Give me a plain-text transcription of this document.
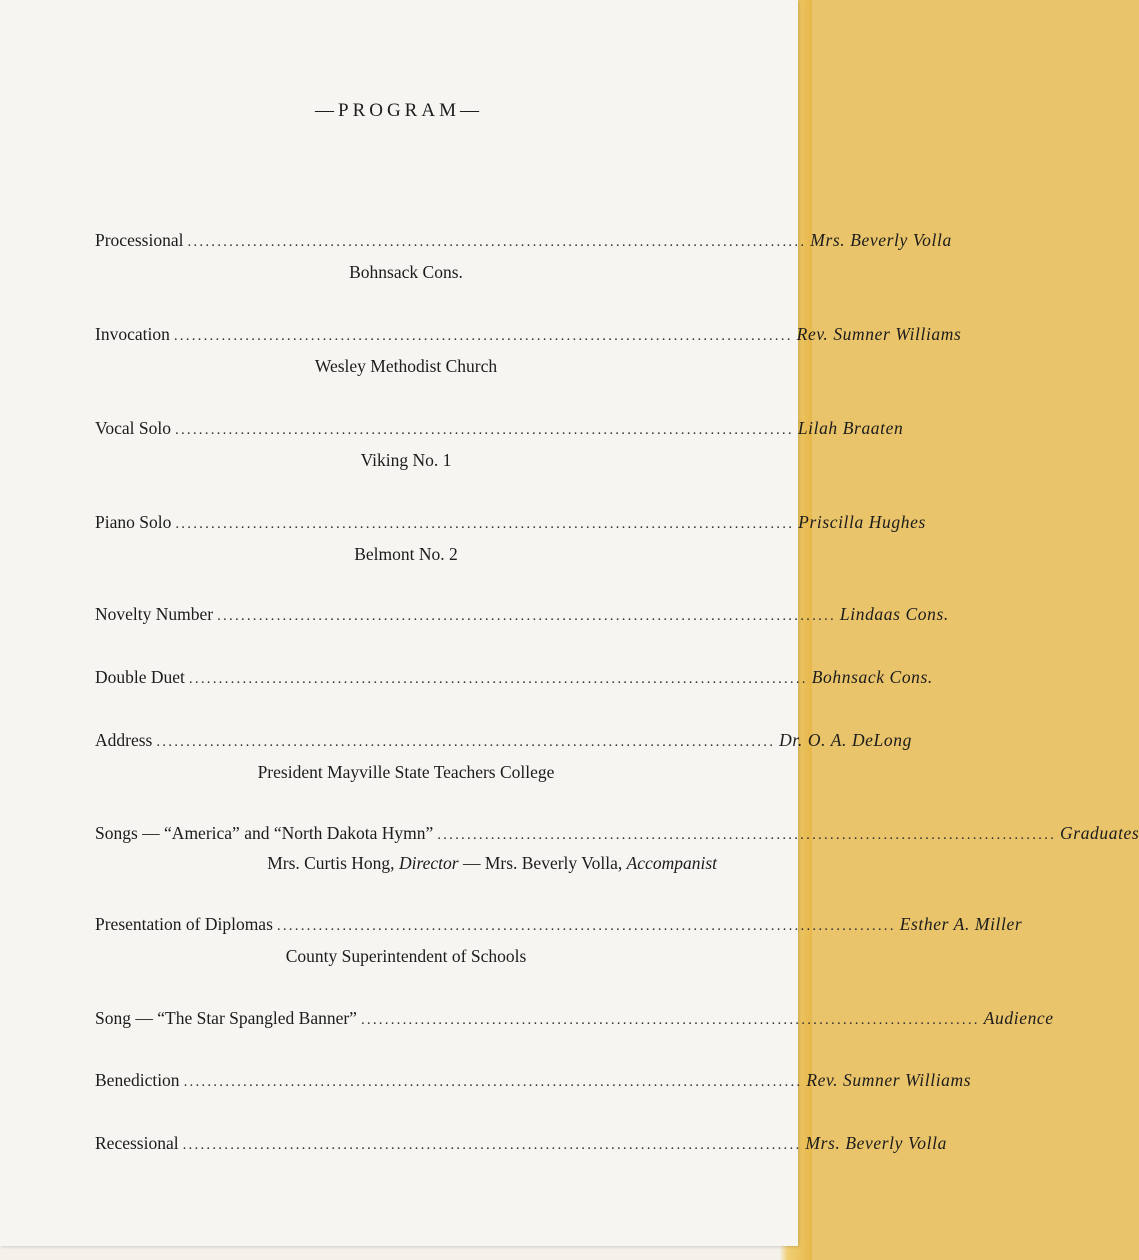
—PROGRAM—
Processional ........................................................................................................ Mrs. Beverly Volla
Bohnsack Cons.
Invocation ........................................................................................................ Rev. Sumner Williams
Wesley Methodist Church
Vocal Solo ........................................................................................................ Lilah Braaten
Viking No. 1
Piano Solo ........................................................................................................ Priscilla Hughes
Belmont No. 2
Novelty Number ........................................................................................................ Lindaas Cons.
Double Duet ........................................................................................................ Bohnsack Cons.
Address ........................................................................................................ Dr. O. A. DeLong
President Mayville State Teachers College
Songs — “America” and “North Dakota Hymn” ........................................................................................................ Graduates
Mrs. Curtis Hong, Director — Mrs. Beverly Volla, Accompanist
Presentation of Diplomas ........................................................................................................ Esther A. Miller
County Superintendent of Schools
Song — “The Star Spangled Banner” ........................................................................................................ Audience
Benediction ........................................................................................................ Rev. Sumner Williams
Recessional ........................................................................................................ Mrs. Beverly Volla
